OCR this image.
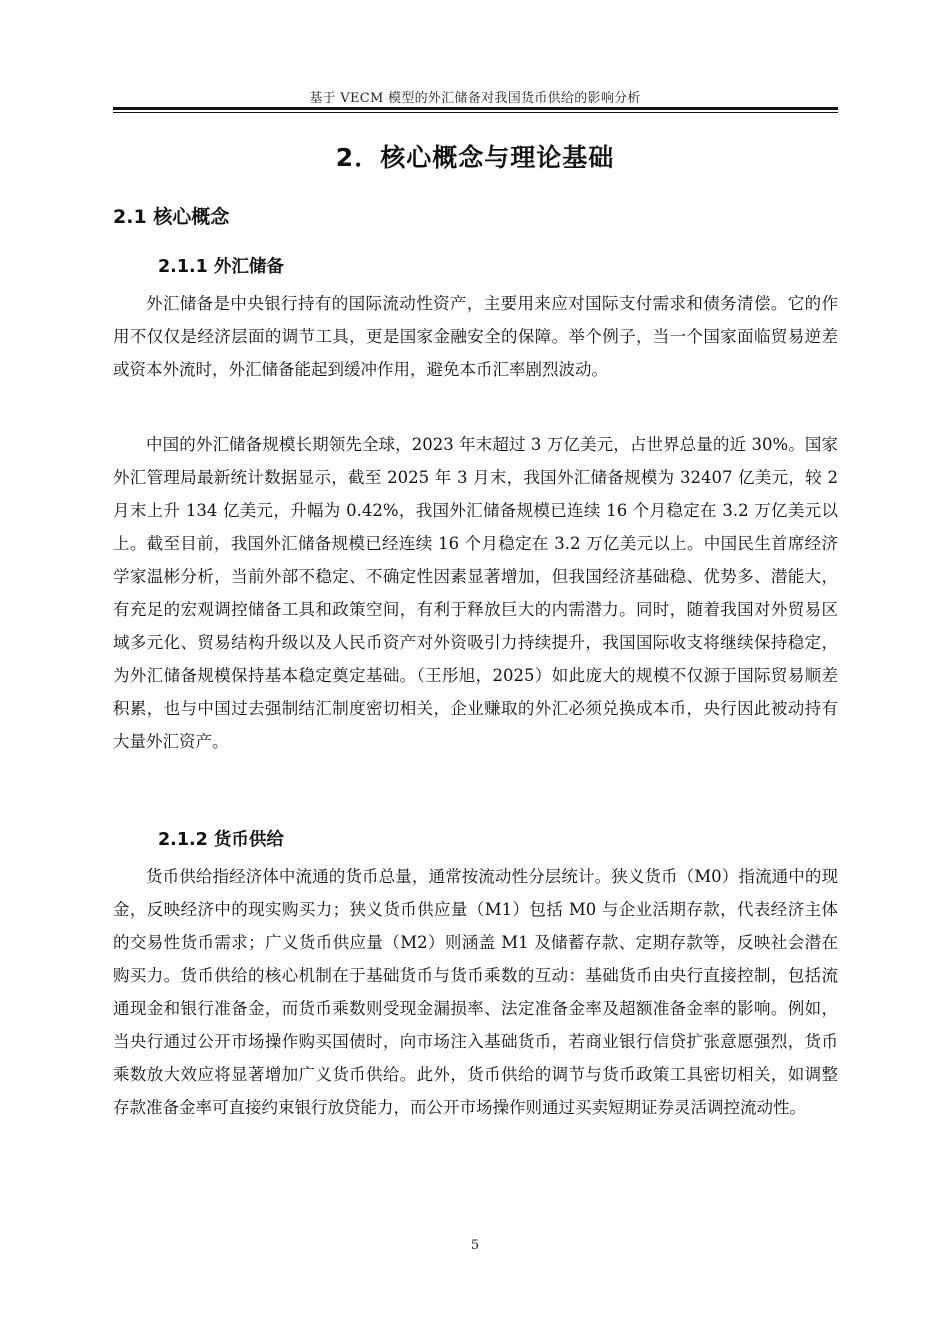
基于 VECM 模型的外汇储备对我国货币供给的影响分析
2．核心概念与理论基础
2.1 核心概念
2.1.1 外汇储备

外汇储备是中央银行持有的国际流动性资产，主要用来应对国际支付需求和债务清偿。它的作用不仅仅是经济层面的调节工具，更是国家金融安全的保障。举个例子，当一个国家面临贸易逆差或资本外流时，外汇储备能起到缓冲作用，避免本币汇率剧烈波动。

中国的外汇储备规模长期领先全球，2023 年末超过 3 万亿美元，占世界总量的近 30%。国家外汇管理局最新统计数据显示，截至 2025 年 3 月末，我国外汇储备规模为 32407 亿美元，较 2 月末上升 134 亿美元，升幅为 0.42%，我国外汇储备规模已连续 16 个月稳定在 3.2 万亿美元以上。截至目前，我国外汇储备规模已经连续 16 个月稳定在 3.2 万亿美元以上。中国民生首席经济学家温彬分析，当前外部不稳定、不确定性因素显著增加，但我国经济基础稳、优势多、潜能大，有充足的宏观调控储备工具和政策空间，有利于释放巨大的内需潜力。同时，随着我国对外贸易区域多元化、贸易结构升级以及人民币资产对外资吸引力持续提升，我国国际收支将继续保持稳定，为外汇储备规模保持基本稳定奠定基础。（王彤旭，2025）如此庞大的规模不仅源于国际贸易顺差积累，也与中国过去强制结汇制度密切相关，企业赚取的外汇必须兑换成本币，央行因此被动持有大量外汇资产。

2.1.2 货币供给

货币供给指经济体中流通的货币总量，通常按流动性分层统计。狭义货币（M0）指流通中的现金，反映经济中的现实购买力；狭义货币供应量（M1）包括 M0 与企业活期存款，代表经济主体的交易性货币需求；广义货币供应量（M2）则涵盖 M1 及储蓄存款、定期存款等，反映社会潜在购买力。货币供给的核心机制在于基础货币与货币乘数的互动：基础货币由央行直接控制，包括流通现金和银行准备金，而货币乘数则受现金漏损率、法定准备金率及超额准备金率的影响。例如，当央行通过公开市场操作购买国债时，向市场注入基础货币，若商业银行信贷扩张意愿强烈，货币乘数放大效应将显著增加广义货币供给。此外，货币供给的调节与货币政策工具密切相关，如调整存款准备金率可直接约束银行放贷能力，而公开市场操作则通过买卖短期证券灵活调控流动性。

5
